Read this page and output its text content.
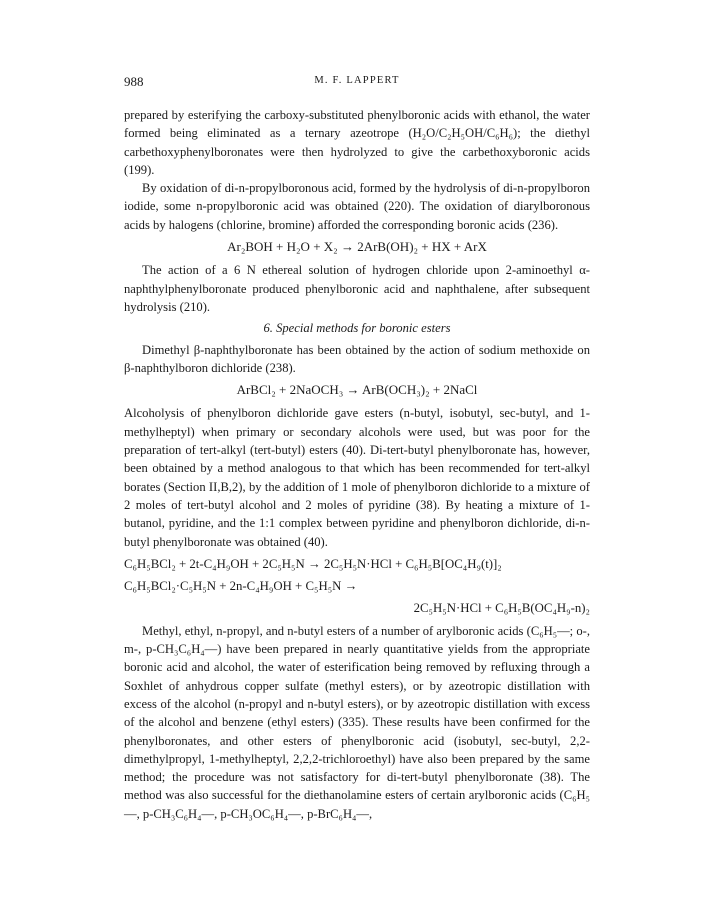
988	M. F. LAPPERT

prepared by esterifying the carboxy-substituted phenylboronic acids with ethanol, the water formed being eliminated as a ternary azeotrope (H₂O/C₂H₅OH/C₆H₆); the diethyl carbethoxyphenylboronates were then hydrolyzed to give the carbethoxyboronic acids (199).

By oxidation of di-n-propylboronous acid, formed by the hydrolysis of di-n-propylboron iodide, some n-propylboronic acid was obtained (220). The oxidation of diarylboronous acids by halogens (chlorine, bromine) afforded the corresponding boronic acids (236).

Ar₂BOH + H₂O + X₂ → 2ArB(OH)₂ + HX + ArX

The action of a 6 N ethereal solution of hydrogen chloride upon 2-aminoethyl α-naphthylphenylboronate produced phenylboronic acid and naphthalene, after subsequent hydrolysis (210).

6. Special methods for boronic esters

Dimethyl β-naphthylboronate has been obtained by the action of sodium methoxide on β-naphthylboron dichloride (238).

ArBCl₂ + 2NaOCH₃ → ArB(OCH₃)₂ + 2NaCl

Alcoholysis of phenylboron dichloride gave esters (n-butyl, isobutyl, sec-butyl, and 1-methylheptyl) when primary or secondary alcohols were used, but was poor for the preparation of tert-alkyl (tert-butyl) esters (40). Di-tert-butyl phenylboronate has, however, been obtained by a method analogous to that which has been recommended for tert-alkyl borates (Section II,B,2), by the addition of 1 mole of phenylboron dichloride to a mixture of 2 moles of tert-butyl alcohol and 2 moles of pyridine (38). By heating a mixture of 1-butanol, pyridine, and the 1:1 complex between pyridine and phenylboron dichloride, di-n-butyl phenylboronate was obtained (40).

C₆H₅BCl₂ + 2t-C₄H₉OH + 2C₅H₅N → 2C₅H₅N·HCl + C₆H₅B[OC₄H₉(t)]₂
C₆H₅BCl₂·C₅H₅N + 2n-C₄H₉OH + C₅H₅N →
2C₅H₅N·HCl + C₆H₅B(OC₄H₉-n)₂

Methyl, ethyl, n-propyl, and n-butyl esters of a number of arylboronic acids (C₆H₅—; o-, m-, p-CH₃C₆H₄—) have been prepared in nearly quantitative yields from the appropriate boronic acid and alcohol, the water of esterification being removed by refluxing through a Soxhlet of anhydrous copper sulfate (methyl esters), or by azeotropic distillation with excess of the alcohol (n-propyl and n-butyl esters), or by azeotropic distillation with excess of the alcohol and benzene (ethyl esters) (335). These results have been confirmed for the phenylboronates, and other esters of phenylboronic acid (isobutyl, sec-butyl, 2,2-dimethylpropyl, 1-methylheptyl, 2,2,2-trichloroethyl) have also been prepared by the same method; the procedure was not satisfactory for di-tert-butyl phenylboronate (38). The method was also successful for the diethanolamine esters of certain arylboronic acids (C₆H₅—, p-CH₃C₆H₄—, p-CH₃OC₆H₄—, p-BrC₆H₄—,
